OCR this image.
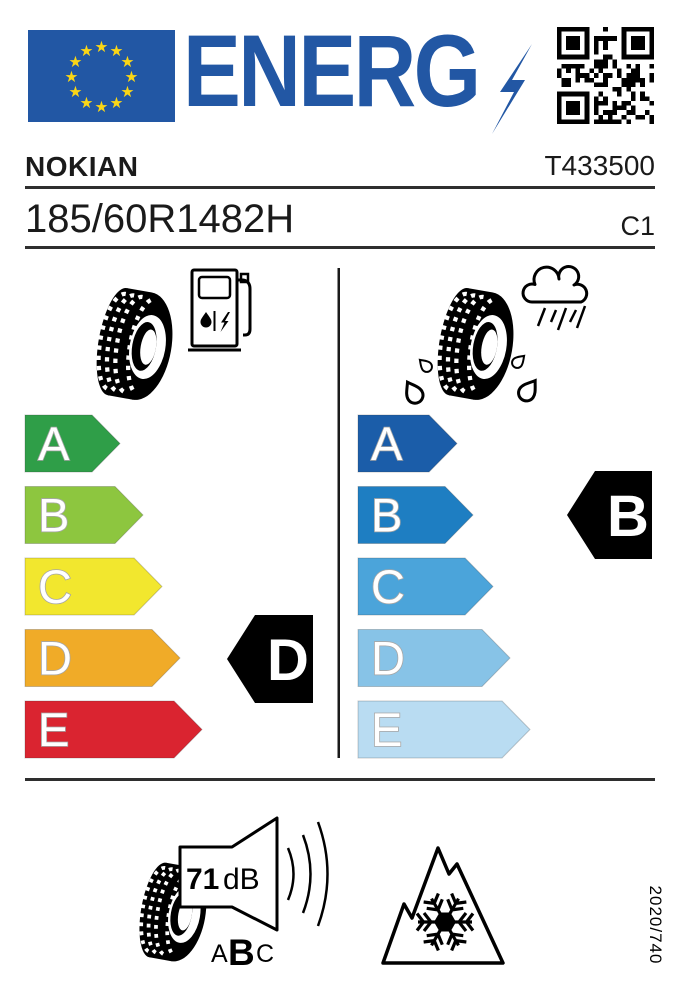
★ ★
★
★
★
★
★
★
★
★
★
★ ENERG
NOKIAN	T433500
185/60R1482H	C1
A
B
C
D
E
D
A
B
C
D
E
B
71 dB
A B C	2020/740
